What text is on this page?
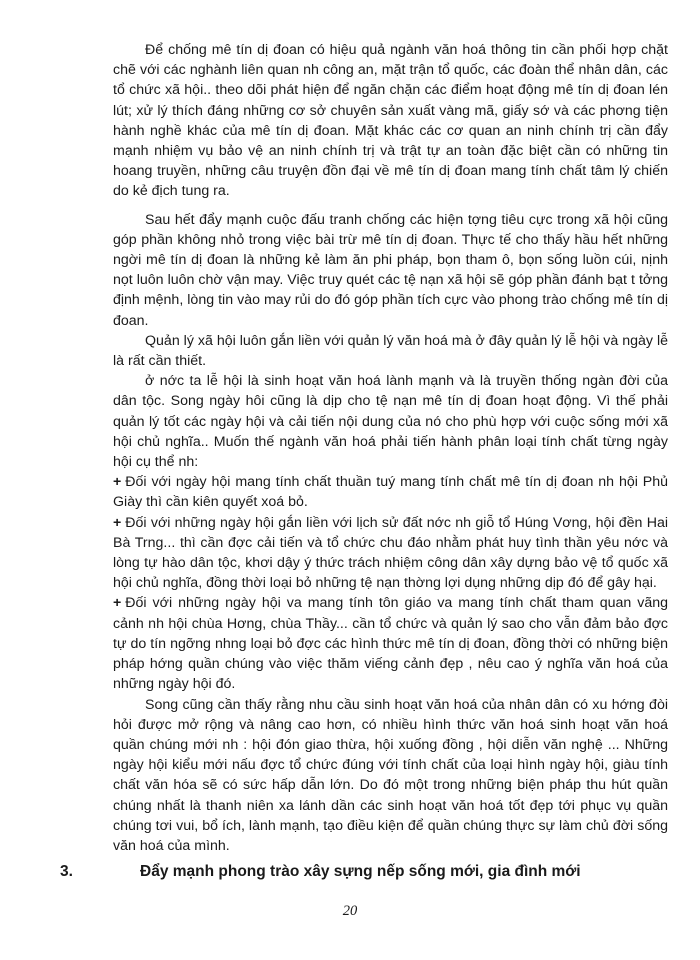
Để chống mê tín dị đoan có hiệu quả ngành văn hoá thông tin cần phối hợp chặt chẽ với các nghành liên quan nh công an, mặt trận tổ quốc, các đoàn thể nhân dân, các tổ chức xã hội.. theo dõi phát hiện để ngăn chặn các điểm hoạt động mê tín dị đoan lén lút; xử lý thích đáng những cơ sở chuyên sản xuất vàng mã, giấy sớ và các phơng tiện hành nghề khác của mê tín dị đoan. Mặt khác các cơ quan an ninh chính trị cần đẩy mạnh nhiệm vụ bảo vệ an ninh chính trị và trật tự an toàn đặc biệt cần có những tin hoang truyền, những câu truyện đồn đại về mê tín dị đoan mang tính chất tâm lý chiến do kẻ địch tung ra.

Sau hết đẩy mạnh cuộc đấu tranh chống các hiện tợng tiêu cực trong xã hội cũng góp phần không nhỏ trong việc bài trừ mê tín dị đoan. Thực tế cho thấy hầu hết những ngời mê tín dị đoan là những kẻ làm ăn phi pháp, bọn tham ô, bọn sống luồn cúi, nịnh nọt luôn luôn chờ vận may. Việc truy quét các tệ nạn xã hội sẽ góp phần đánh bạt t tởng định mệnh, lòng tin vào may rủi do đó góp phần tích cực vào phong trào chống mê tín dị đoan.

Quản lý xã hội luôn gắn liền với quản lý văn hoá mà ở đây quản lý lễ hội và ngày lễ là rất cần thiết.

ở nớc ta lễ hội là sinh hoạt văn hoá lành mạnh và là truyền thống ngàn đời của dân tộc. Song ngày hôi cũng là dịp cho tệ nạn mê tín dị đoan hoạt động. Vì thế phải quản lý tốt các ngày hội và cải tiến nội dung của nó cho phù hợp với cuộc sống mới xã hội chủ nghĩa.. Muốn thế ngành văn hoá phải tiến hành phân loại tính chất từng ngày hội cụ thể nh:

+ Đối với ngày hội mang tính chất thuần tuý mang tính chất mê tín dị đoan nh hội Phủ Giày thì cần kiên quyết xoá bỏ.

+ Đối với những ngày hội gắn liền với lịch sử đất nớc nh giỗ tổ Húng Vơng, hội đền Hai Bà Trng... thì cần đợc cải tiến và tổ chức chu đáo nhằm phát huy tình thần yêu nớc và lòng tự hào dân tộc, khơi dậy ý thức trách nhiệm công dân xây dựng bảo vệ tổ quốc xã hội chủ nghĩa, đồng thời loại bỏ những tệ nạn thờng lợi dụng những dịp đó để gây hại.

+ Đối với những ngày hội va mang tính tôn giáo va mang tính chất tham quan vãng cảnh nh hội chùa Hơng, chùa Thầy... cần tổ chức và quản lý sao cho vẫn đảm bảo đợc tự do tín ngỡng nhng loại bỏ đợc các hình thức mê tín dị đoan, đồng thời có những biện pháp hớng quần chúng vào việc thăm viếng cảnh đẹp , nêu cao ý nghĩa văn hoá của những ngày hội đó.

Song cũng cần thấy rằng nhu cầu sinh hoạt văn hoá của nhân dân có xu hớng đòi hỏi được mở rộng và nâng cao hơn, có nhiều hình thức văn hoá sinh hoạt văn hoá quần chúng mới nh : hội đón giao thừa, hội xuống đồng , hội diễn văn nghệ ... Những ngày hội kiểu mới nấu đợc tổ chức đúng với tính chất của loại hình ngày hội, giàu tính chất văn hóa sẽ có sức hấp dẫn lớn. Do đó một trong những biện pháp thu hút quần chúng nhất là thanh niên xa lánh dần các sinh hoạt văn hoá tốt đẹp tới phục vụ quần chúng tơi vui, bổ ích, lành mạnh, tạo điều kiện để quần chúng thực sự làm chủ đời sống văn hoá của mình.

3.	Đẩy mạnh phong trào xây sựng nếp sống mới, gia đình mới
20
